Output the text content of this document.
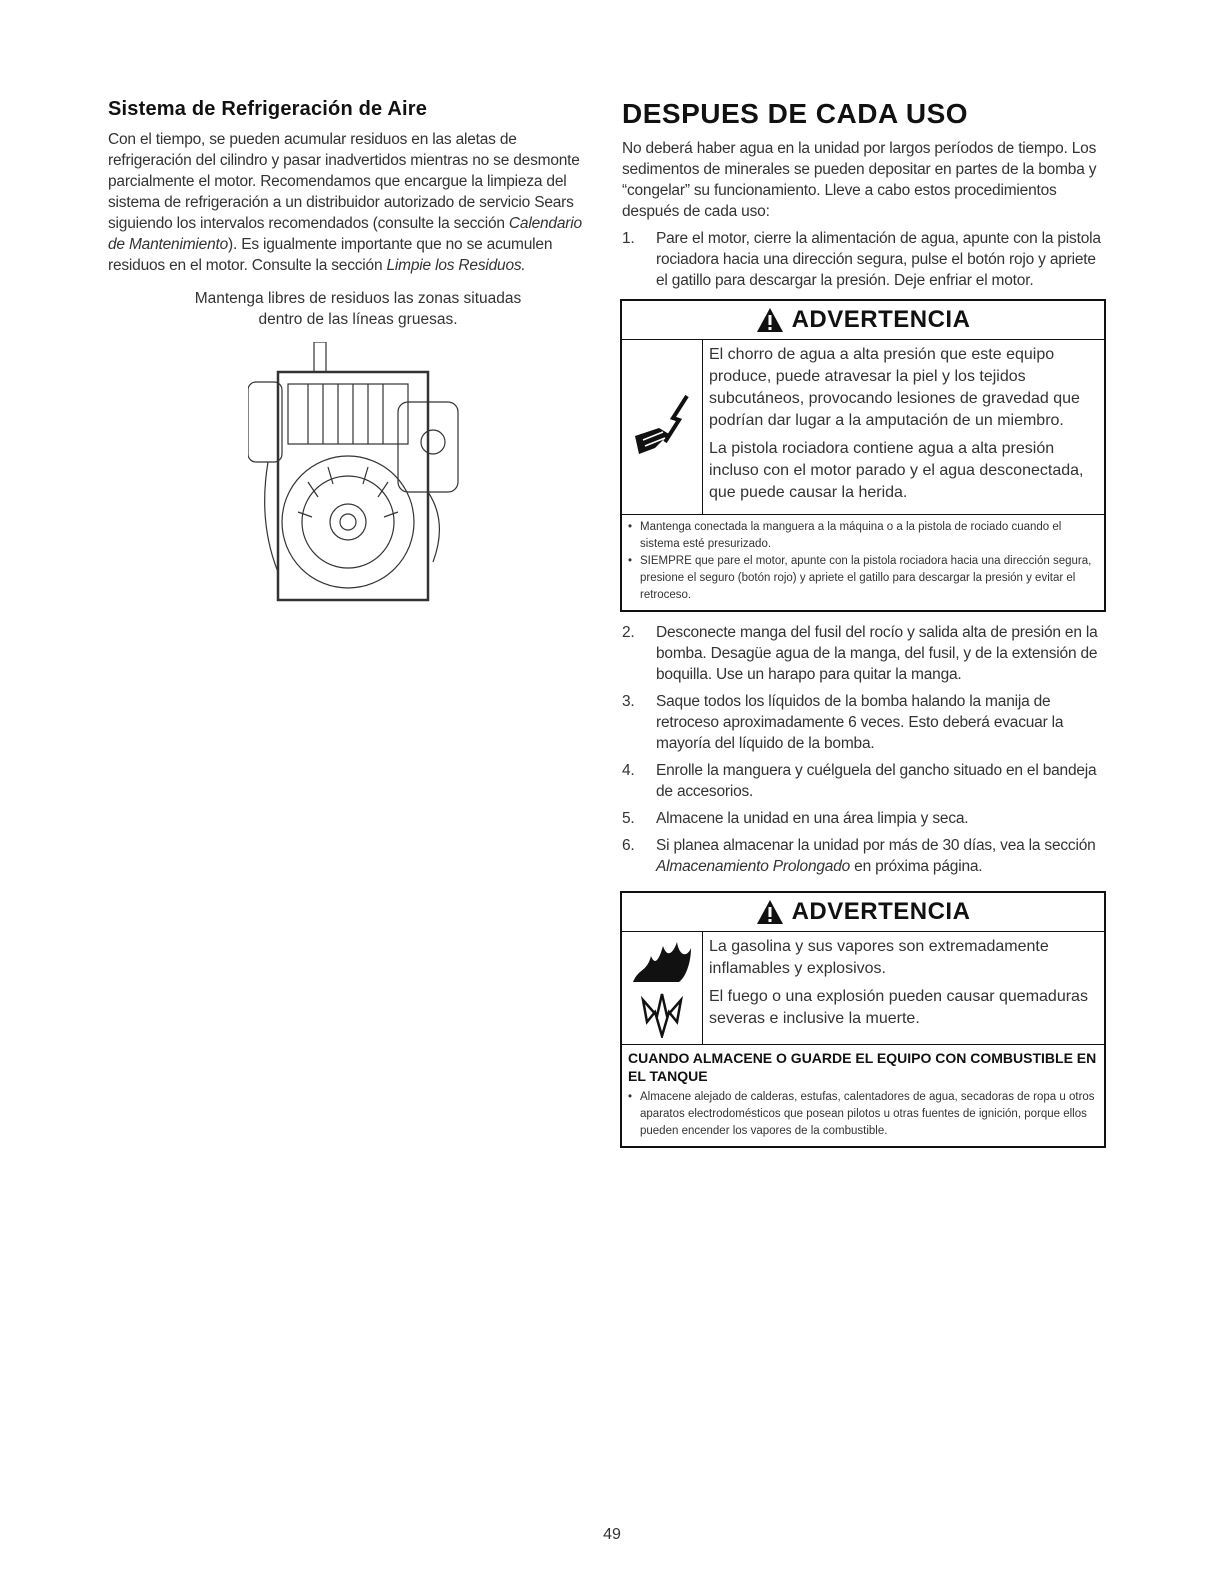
Sistema de Refrigeración de Aire

Con el tiempo, se pueden acumular residuos en las aletas de refrigeración del cilindro y pasar inadvertidos mientras no se desmonte parcialmente el motor. Recomendamos que encargue la limpieza del sistema de refrigeración a un distribuidor autorizado de servicio Sears siguiendo los intervalos recomendados (consulte la sección Calendario de Mantenimiento). Es igualmente importante que no se acumulen residuos en el motor. Consulte la sección Limpie los Residuos.

Mantenga libres de residuos las zonas situadas
dentro de las líneas gruesas.

DESPUES DE CADA USO

No deberá haber agua en la unidad por largos períodos de tiempo. Los sedimentos de minerales se pueden depositar en partes de la bomba y “congelar” su funcionamiento. Lleve a cabo estos procedimientos después de cada uso:

1.	Pare el motor, cierre la alimentación de agua, apunte con la pistola rociadora hacia una dirección segura, pulse el botón rojo y apriete el gatillo para descargar la presión. Deje enfriar el motor.
ADVERTENCIA

El chorro de agua a alta presión que este equipo produce, puede atravesar la piel y los tejidos subcutáneos, provocando lesiones de gravedad que podrían dar lugar a la amputación de un miembro.

La pistola rociadora contiene agua a alta presión incluso con el motor parado y el agua desconectada, que puede causar la herida.

• Mantenga conectada la manguera a la máquina o a la pistola de rociado cuando el sistema esté presurizado.
• SIEMPRE que pare el motor, apunte con la pistola rociadora hacia una dirección segura, presione el seguro (botón rojo) y apriete el gatillo para descargar la presión y evitar el retroceso.
2.	Desconecte manga del fusil del rocío y salida alta de presión en la bomba. Desagüe agua de la manga, del fusil, y de la extensión de boquilla. Use un harapo para quitar la manga.
3.	Saque todos los líquidos de la bomba halando la manija de retroceso aproximadamente 6 veces. Esto deberá evacuar la mayoría del líquido de la bomba.
4.	Enrolle la manguera y cuélguela del gancho situado en el bandeja de accesorios.
5.	Almacene la unidad en una área limpia y seca.
6.	Si planea almacenar la unidad por más de 30 días, vea la sección Almacenamiento Prolongado en próxima página.
ADVERTENCIA

La gasolina y sus vapores son extremadamente inflamables y explosivos.

El fuego o una explosión pueden causar quemaduras severas e inclusive la muerte.

CUANDO ALMACENE O GUARDE EL EQUIPO CON COMBUSTIBLE EN EL TANQUE
• Almacene alejado de calderas, estufas, calentadores de agua, secadoras de ropa u otros aparatos electrodomésticos que posean pilotos u otras fuentes de ignición, porque ellos pueden encender los vapores de la combustible.
49
